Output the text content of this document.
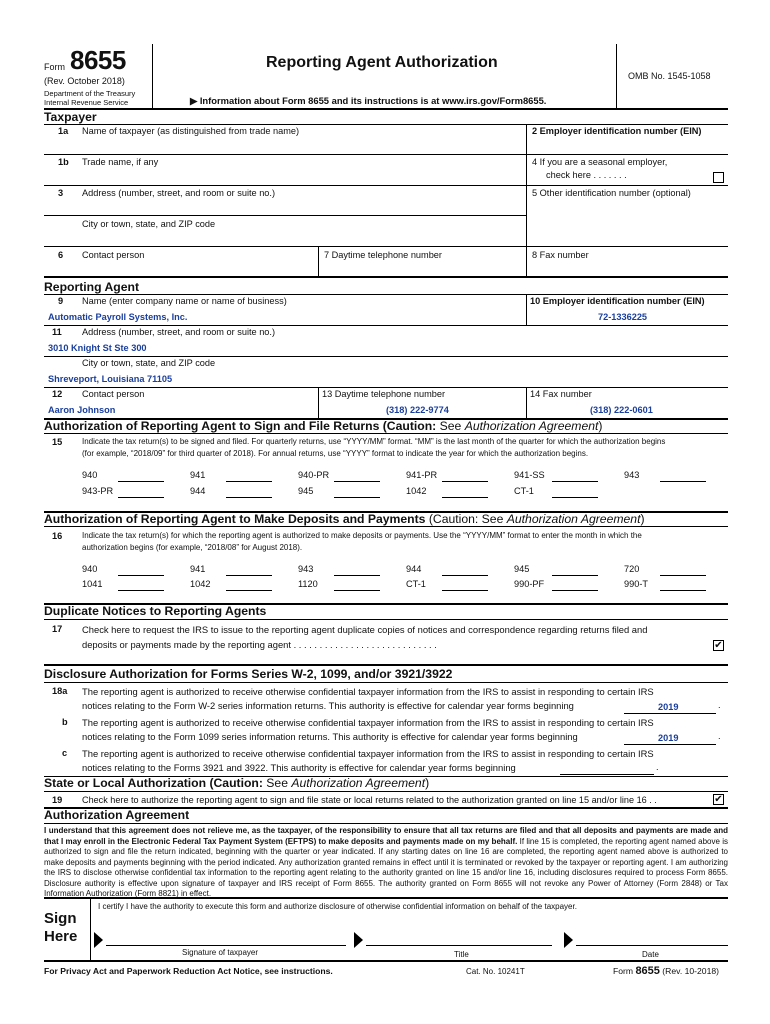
Form 8655
(Rev. October 2018)
Department of the Treasury
Internal Revenue Service
Reporting Agent Authorization
▶ Information about Form 8655 and its instructions is at www.irs.gov/Form8655.
OMB No. 1545-1058
Taxpayer
1a Name of taxpayer (as distinguished from trade name)	2 Employer identification number (EIN)
1b Trade name, if any	4 If you are a seasonal employer,
check here . . . . . . .
3 Address (number, street, and room or suite no.)	5 Other identification number (optional)
City or town, state, and ZIP code
6 Contact person	7 Daytime telephone number	8 Fax number
Reporting Agent
9 Name (enter company name or name of business)	10 Employer identification number (EIN)
Automatic Payroll Systems, Inc.	72-1336225
11 Address (number, street, and room or suite no.)
3010 Knight St Ste 300
City or town, state, and ZIP code
Shreveport, Louisiana 71105
12 Contact person	13 Daytime telephone number	14 Fax number
Aaron Johnson	(318) 222-9774	(318) 222-0601
Authorization of Reporting Agent to Sign and File Returns (Caution: See Authorization Agreement)
15 Indicate the tax return(s) to be signed and filed. For quarterly returns, use “YYYY/MM” format. “MM” is the last month of the quarter for which the authorization begins
(for example, “2018/09” for third quarter of 2018). For annual returns, use “YYYY” format to indicate the year for which the authorization begins.
940	941	940-PR	941-PR	941-SS	943
943-PR	944	945	1042	CT-1
Authorization of Reporting Agent to Make Deposits and Payments (Caution: See Authorization Agreement)
16 Indicate the tax return(s) for which the reporting agent is authorized to make deposits or payments. Use the “YYYY/MM” format to enter the month in which the
authorization begins (for example, “2018/08” for August 2018).
940	941	943	944	945	720
1041	1042	1120	CT-1	990-PF	990-T
Duplicate Notices to Reporting Agents
17 Check here to request the IRS to issue to the reporting agent duplicate copies of notices and correspondence regarding returns filed and
deposits or payments made by the reporting agent . . . . . . . . . . . . . . . . . . . . . . . . . . . .	✔
Disclosure Authorization for Forms Series W-2, 1099, and/or 3921/3922
18a The reporting agent is authorized to receive otherwise confidential taxpayer information from the IRS to assist in responding to certain IRS
notices relating to the Form W-2 series information returns. This authority is effective for calendar year forms beginning	2019	.
b The reporting agent is authorized to receive otherwise confidential taxpayer information from the IRS to assist in responding to certain IRS
notices relating to the Form 1099 series information returns. This authority is effective for calendar year forms beginning	2019	.
c The reporting agent is authorized to receive otherwise confidential taxpayer information from the IRS to assist in responding to certain IRS
notices relating to the Forms 3921 and 3922. This authority is effective for calendar year forms beginning	.
State or Local Authorization (Caution: See Authorization Agreement)
19 Check here to authorize the reporting agent to sign and file state or local returns related to the authorization granted on line 15 and/or line 16 . .	✔
Authorization Agreement
I understand that this agreement does not relieve me, as the taxpayer, of the responsibility to ensure that all tax returns are filed and that all deposits and payments are made and that I may enroll in the Electronic Federal Tax Payment System (EFTPS) to make deposits and payments made on my behalf. If line 15 is completed, the reporting agent named above is authorized to sign and file the return indicated, beginning with the quarter or year indicated. If any starting dates on line 16 are completed, the reporting agent named above is authorized to make deposits and payments beginning with the period indicated. Any authorization granted remains in effect until it is terminated or revoked by the taxpayer or reporting agent. I am authorizing the IRS to disclose otherwise confidential tax information to the reporting agent relating to the authority granted on line 15 and/or line 16, including disclosures required to process Form 8655. Disclosure authority is effective upon signature of taxpayer and IRS receipt of Form 8655. The authority granted on Form 8655 will not revoke any Power of Attorney (Form 2848) or Tax Information Authorization (Form 8821) in effect.
Sign
Here
I certify I have the authority to execute this form and authorize disclosure of otherwise confidential information on behalf of the taxpayer.
Signature of taxpayer	Title	Date
For Privacy Act and Paperwork Reduction Act Notice, see instructions.	Cat. No. 10241T	Form 8655 (Rev. 10-2018)
